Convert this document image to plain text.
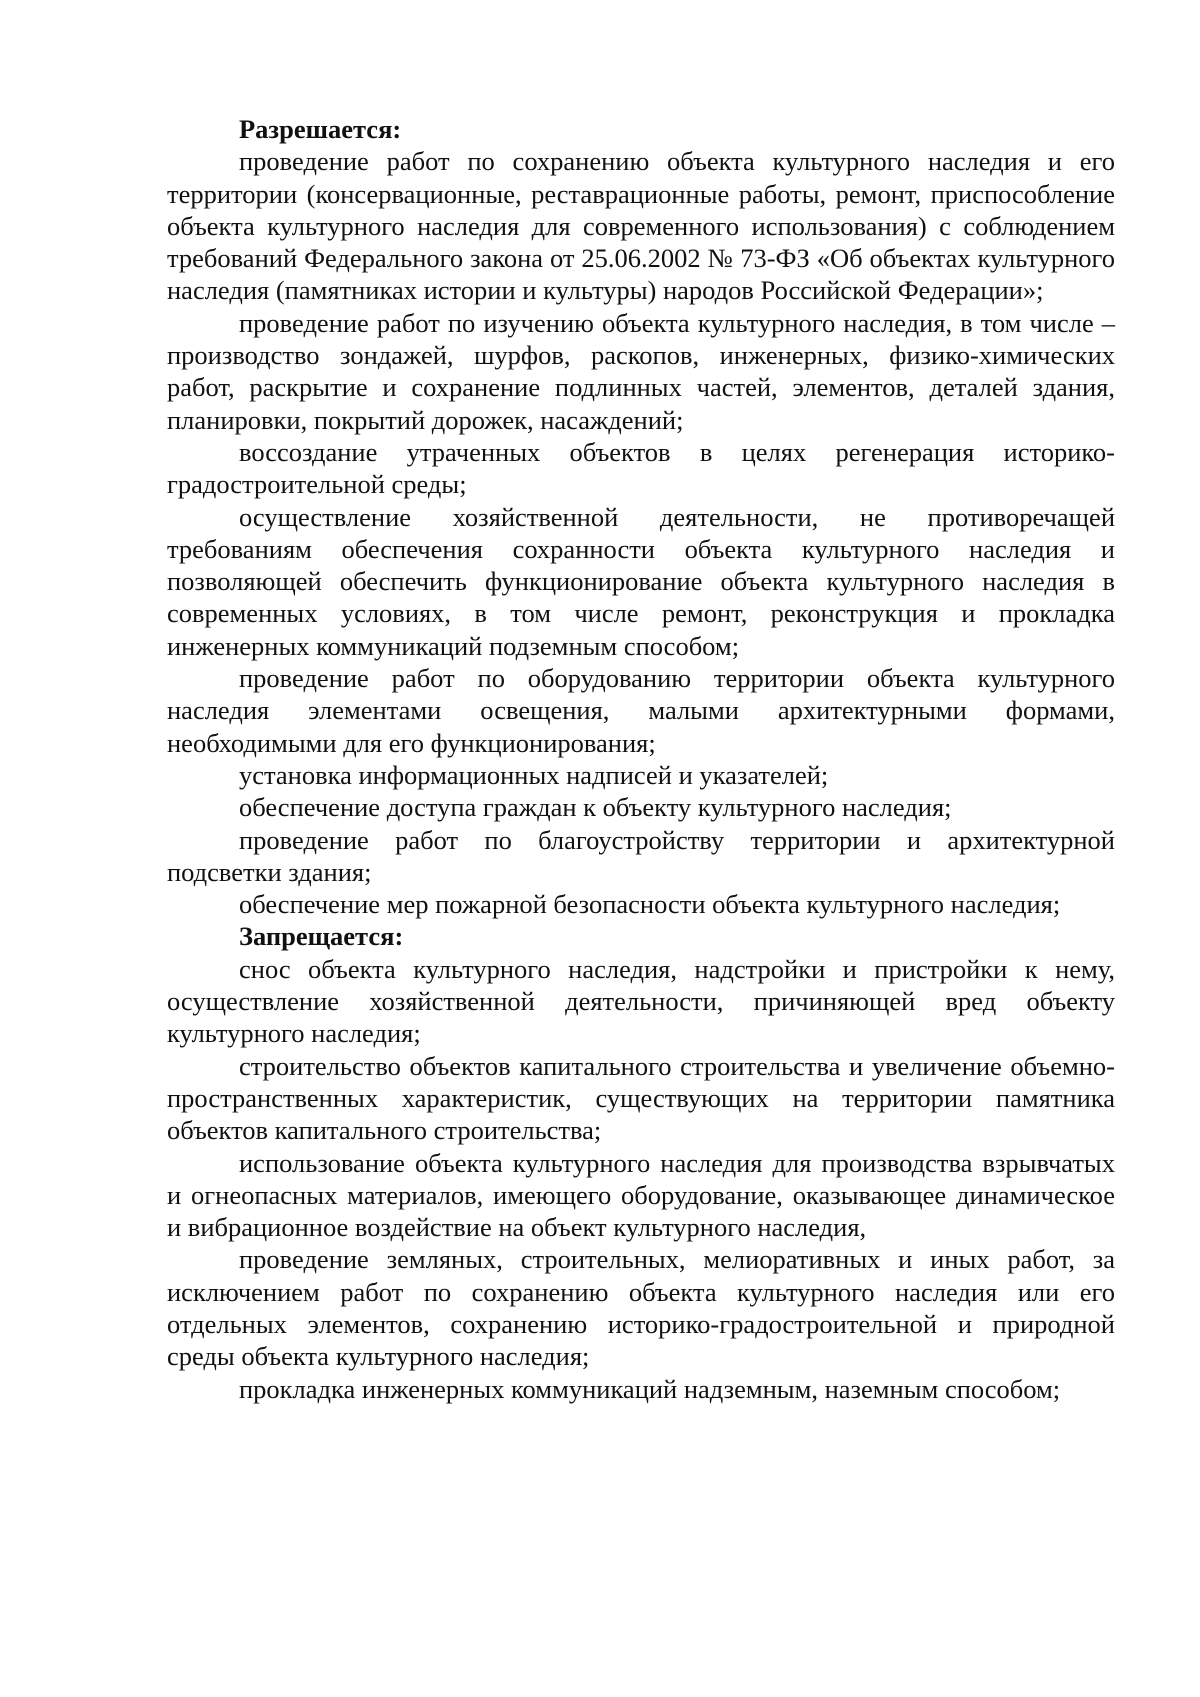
Разрешается:

проведение работ по сохранению объекта культурного наследия и его территории (консервационные, реставрационные работы, ремонт, приспособление объекта культурного наследия для современного использования) с соблюдением требований Федерального закона от 25.06.2002 № 73-ФЗ «Об объектах культурного наследия (памятниках истории и культуры) народов Российской Федерации»;

проведение работ по изучению объекта культурного наследия, в том числе – производство зондажей, шурфов, раскопов, инженерных, физико-химических работ, раскрытие и сохранение подлинных частей, элементов, деталей здания, планировки, покрытий дорожек, насаждений;

воссоздание утраченных объектов в целях регенерация историко-градостроительной среды;

осуществление хозяйственной деятельности, не противоречащей требованиям обеспечения сохранности объекта культурного наследия и позволяющей обеспечить функционирование объекта культурного наследия в современных условиях, в том числе ремонт, реконструкция и прокладка инженерных коммуникаций подземным способом;

проведение работ по оборудованию территории объекта культурного наследия элементами освещения, малыми архитектурными формами, необходимыми для его функционирования;

установка информационных надписей и указателей;

обеспечение доступа граждан к объекту культурного наследия;

проведение работ по благоустройству территории и архитектурной подсветки здания;

обеспечение мер пожарной безопасности объекта культурного наследия;

Запрещается:

снос объекта культурного наследия, надстройки и пристройки к нему, осуществление хозяйственной деятельности, причиняющей вред объекту культурного наследия;

строительство объектов капитального строительства и увеличение объемно-пространственных характеристик, существующих на территории памятника объектов капитального строительства;

использование объекта культурного наследия для производства взрывчатых и огнеопасных материалов, имеющего оборудование, оказывающее динамическое и вибрационное воздействие на объект культурного наследия,

проведение земляных, строительных, мелиоративных и иных работ, за исключением работ по сохранению объекта культурного наследия или его отдельных элементов, сохранению историко-градостроительной и природной среды объекта культурного наследия;

прокладка инженерных коммуникаций надземным, наземным способом;
